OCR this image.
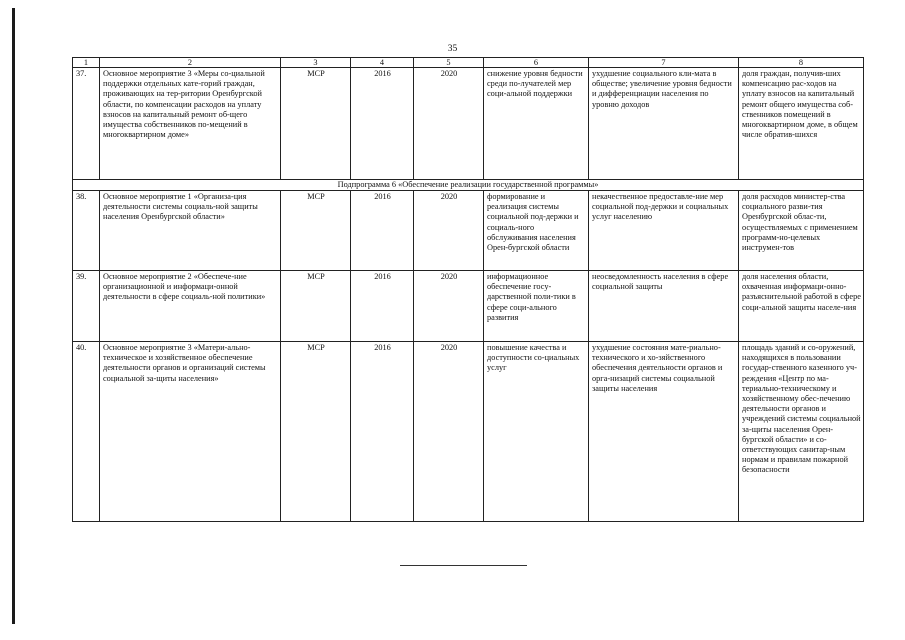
35
1	2	3	4	5	6	7	8
37.	Основное мероприятие 3 «Меры со-циальной поддержки отдельных кате-горий граждан, проживающих на тер-ритории Оренбургской области, по компенсации расходов на уплату взносов на капитальный ремонт об-щего имущества собственников по-мещений в многоквартирном доме»	МСР	2016	2020	снижение уровня бедности среди по-лучателей мер соци-альной поддержки	ухудшение социального кли-мата в обществе; увеличение уровня бедности и дифференциации населения по уровню доходов	доля граждан, получив-ших компенсацию рас-ходов на уплату взносов на капитальный ремонт общего имущества соб-ственников помещений в многоквартирном доме, в общем числе обратив-шихся
Подпрограмма 6 «Обеспечение реализации государственной программы»							
38.	Основное мероприятие 1 «Организа-ция деятельности системы социаль-ной защиты населения Оренбургской области»	МСР	2016	2020	формирование и реализация системы социальной под-держки и социаль-ного обслуживания населения Орен-бургской области	некачественное предоставле-ние мер социальной под-держки и социальных услуг населению	доля расходов министер-ства социального разви-тия Оренбургской облас-ти, осуществляемых с применением программ-но-целевых инструмен-тов
39.	Основное мероприятие 2 «Обеспече-ние организационной и информаци-онной деятельности в сфере социаль-ной политики»	МСР	2016	2020	информационное обеспечение госу-дарственной поли-тики в сфере соци-ального развития	неосведомленность населения в сфере социальной защиты	доля населения области, охваченная информаци-онно-разъяснительной работой в сфере соци-альной защиты населе-ния
40.	Основное мероприятие 3 «Матери-ально-техническое и хозяйственное обеспечение деятельности органов и организаций системы социальной за-щиты населения»	МСР	2016	2020	повышение качества и доступности со-циальных услуг	ухудшение состояния мате-риально-технического и хо-зяйственного обеспечения деятельности органов и орга-низаций системы социальной защиты населения	площадь зданий и со-оружений, находящихся в пользовании государ-ственного казенного уч-реждения «Центр по ма-териально-техническому и хозяйственному обес-печению деятельности органов и учреждений системы социальной за-щиты населения Орен-бургской области» и со-ответствующих санитар-ным нормам и правилам пожарной безопасности
